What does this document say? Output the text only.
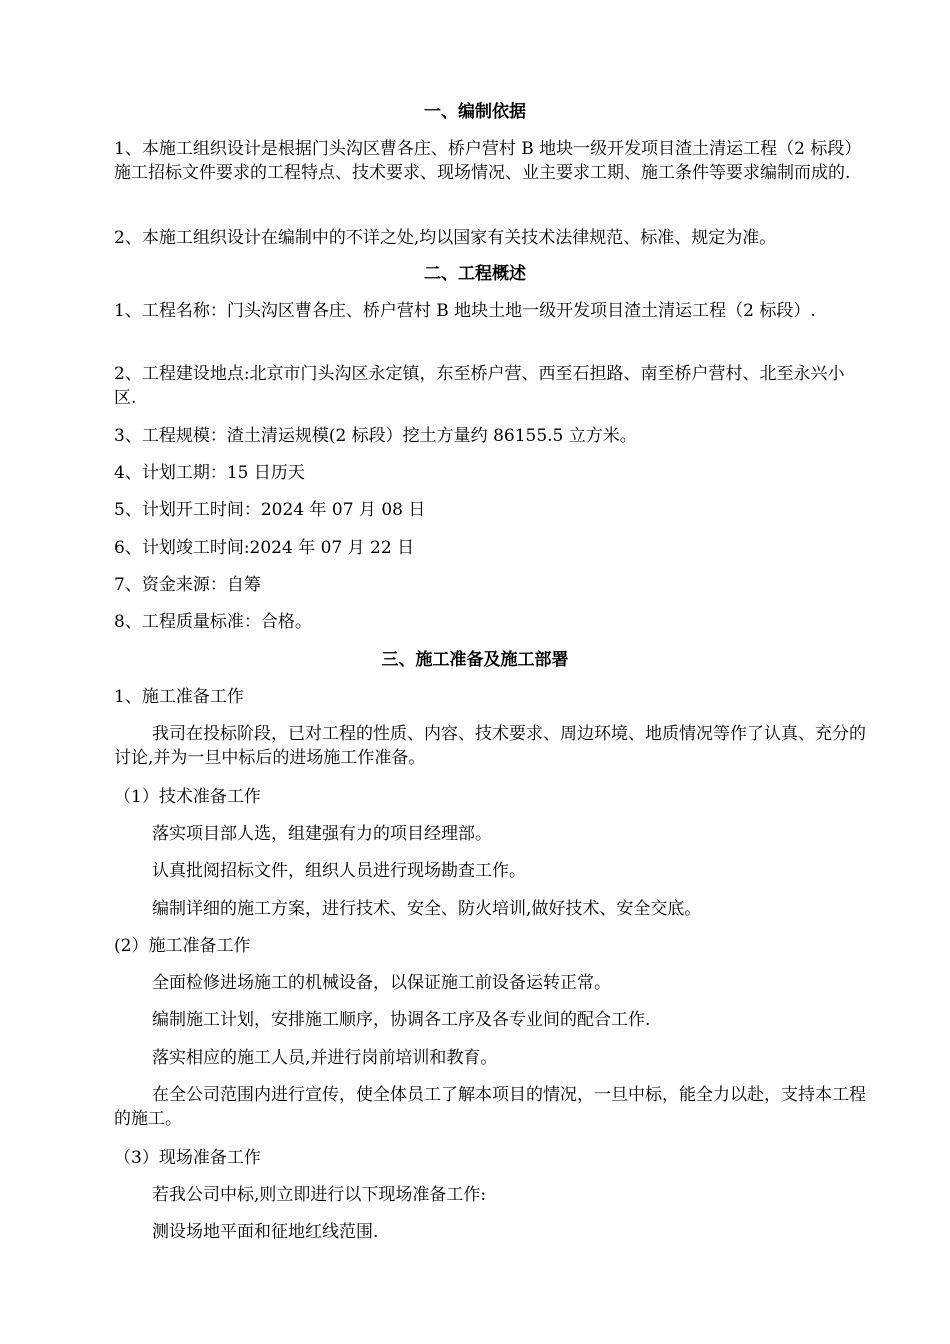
一、编制依据

1、本施工组织设计是根据门头沟区曹各庄、桥户营村 B 地块一级开发项目渣土清运工程（2 标段）施工招标文件要求的工程特点、技术要求、现场情况、业主要求工期、施工条件等要求编制而成的.

2、本施工组织设计在编制中的不详之处,均以国家有关技术法律规范、标准、规定为准。

二、工程概述

1、工程名称：门头沟区曹各庄、桥户营村 B 地块土地一级开发项目渣土清运工程（2 标段）.

2、工程建设地点:北京市门头沟区永定镇，东至桥户营、西至石担路、南至桥户营村、北至永兴小区.

3、工程规模：渣土清运规模(2 标段）挖土方量约 86155.5 立方米。

4、计划工期：15 日历天

5、计划开工时间：2024 年 07 月 08 日

6、计划竣工时间:2024 年 07 月 22 日

7、资金来源：自筹

8、工程质量标准：合格。

三、施工准备及施工部署

1、施工准备工作

我司在投标阶段，已对工程的性质、内容、技术要求、周边环境、地质情况等作了认真、充分的讨论,并为一旦中标后的进场施工作准备。

（1）技术准备工作

落实项目部人选，组建强有力的项目经理部。

认真批阅招标文件，组织人员进行现场勘查工作。

编制详细的施工方案，进行技术、安全、防火培训,做好技术、安全交底。

(2）施工准备工作

全面检修进场施工的机械设备，以保证施工前设备运转正常。

编制施工计划，安排施工顺序，协调各工序及各专业间的配合工作.

落实相应的施工人员,并进行岗前培训和教育。

在全公司范围内进行宣传，使全体员工了解本项目的情况，一旦中标，能全力以赴，支持本工程的施工。

（3）现场准备工作

若我公司中标,则立即进行以下现场准备工作:

测设场地平面和征地红线范围.
